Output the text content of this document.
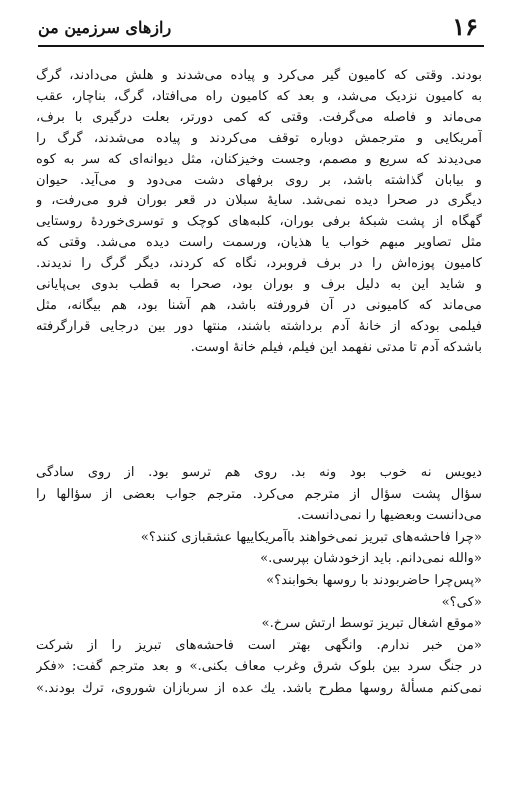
۱۶
رازهای سرزمین من
بودند. وقتی که کامیون گیر می‌کرد و پیاده می‌شدند و هلش می‌دادند، گرگ
به کامیون نزدیک می‌شد، و بعد که کامیون راه می‌افتاد، گرگ، بناچار، عقب
می‌ماند و فاصله می‌گرفت. وقتی که کمی دورتر، بعلت درگیری با برف،
آمریکایی و مترجمش دوباره توقف می‌کردند و پیاده می‌شدند، گرگ را
می‌دیدند که سریع و مصمم، وجست وخیزکنان، مثل دیوانه‌ای که سر به کوه
و بیابان گذاشته باشد، بر روی برفهای دشت می‌دود و می‌آید. حیوان
دیگری در صحرا دیده نمی‌شد. سایهٔ سبلان در قعر بوران فرو می‌رفت، و
گهگاه از پشت شبکهٔ برفی بوران، کلبه‌های کوچک و توسری‌خوردهٔ روستایی
مثل تصاویر مبهم خواب یا هذیان، ورسمت راست دیده می‌شد. وقتی که
کامیون پوزه‌اش را در برف فروبرد، نگاه که کردند، دیگر گرگ را ندیدند.
و شاید این به دلیل برف و بوران بود، صحرا به قطب بدوی بی‌پایانی
می‌ماند که کامیونی در آن فرورفته باشد، هم آشنا بود، هم بیگانه، مثل
فیلمی بودکه از خانهٔ آدم برداشته باشند، منتها دور بین درجایی قرارگرفته
باشدکه آدم تا مدتی نفهمد این فیلم، فیلم خانهٔ اوست.
دیویس نه خوب بود ونه بد. روی هم ترسو بود. از روی سادگی
سؤال پشت سؤال از مترجم می‌کرد. مترجم جواب بعضی از سؤالها را
می‌دانست وبعضیها را نمی‌دانست.
«چرا فاحشه‌های تبریز نمی‌خواهند باآمریکاییها عشقبازی کنند؟»
«والله نمی‌دانم. باید ازخودشان بپرسی.»
«پس‌چرا حاضربودند با روسها بخوابند؟»
«کی؟»
«موقع اشغال تبریز توسط ارتش سرخ.»
«من خبر ندارم. وانگهی بهتر است فاحشه‌های تبریز را از شرکت
در جنگ سرد بین بلوک شرق وغرب معاف بکنی.» و بعد مترجم گفت: «فکر
نمی‌کنم مسألهٔ روسها مطرح باشد. یك عده از سربازان شوروی، ترك بودند.»
